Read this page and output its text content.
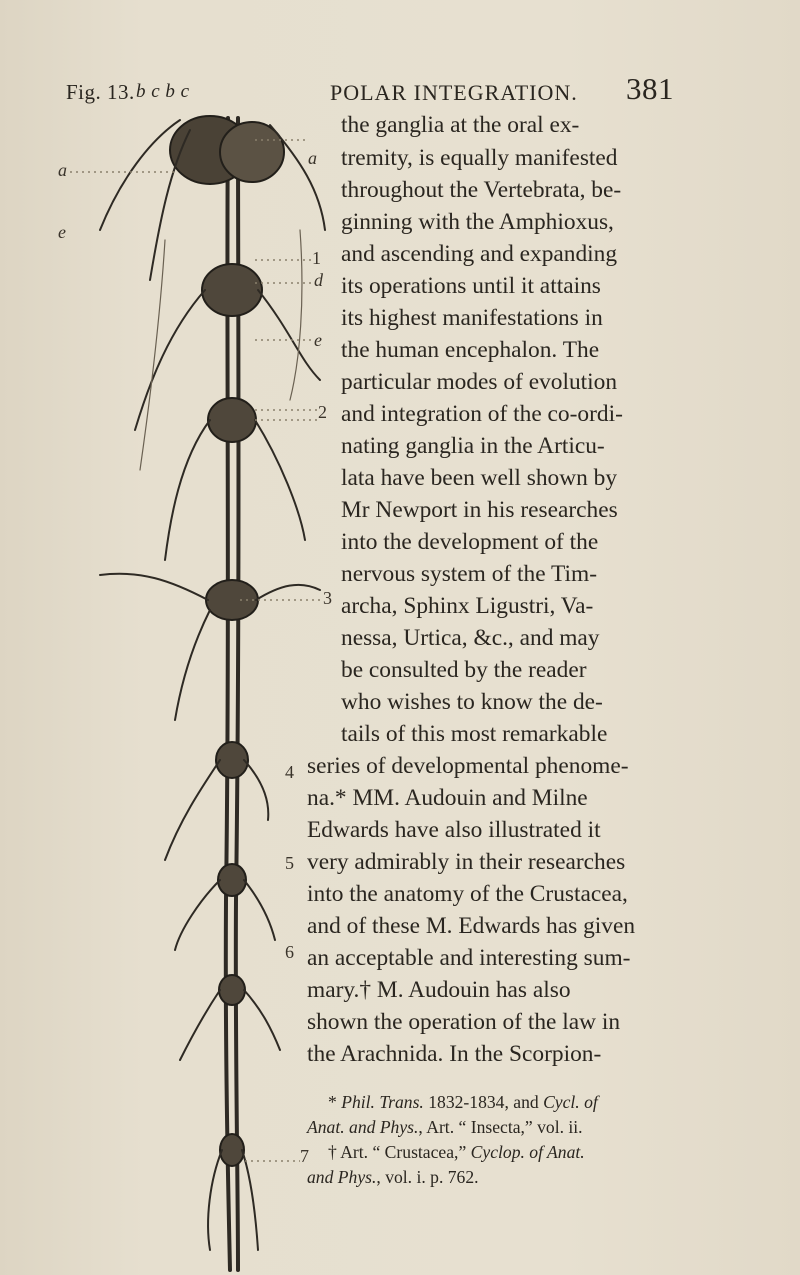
Fig. 13. b c b c	POLAR INTEGRATION. 381
a
e
a
1
d
e
2
3
4
5
6
7
the ganglia at the oral ex-
tremity, is equally manifested
throughout the Vertebrata, be-
ginning with the Amphioxus,
and ascending and expanding
its operations until it attains
its highest manifestations in
the human encephalon. The
particular modes of evolution
and integration of the co-ordi-
nating ganglia in the Articu-
lata have been well shown by
Mr Newport in his researches
into the development of the
nervous system of the Tim-
archa, Sphinx Ligustri, Va-
nessa, Urtica, &c., and may
be consulted by the reader
who wishes to know the de-
tails of this most remarkable
series of developmental phenome-
na.* MM. Audouin and Milne
Edwards have also illustrated it
very admirably in their researches
into the anatomy of the Crustacea,
and of these M. Edwards has given
an acceptable and interesting sum-
mary.† M. Audouin has also
shown the operation of the law in
the Arachnida. In the Scorpion-
* Phil. Trans. 1832-1834, and Cycl. of
Anat. and Phys., Art. “ Insecta,” vol. ii.
† Art. “ Crustacea,” Cyclop. of Anat.
and Phys., vol. i. p. 762.
